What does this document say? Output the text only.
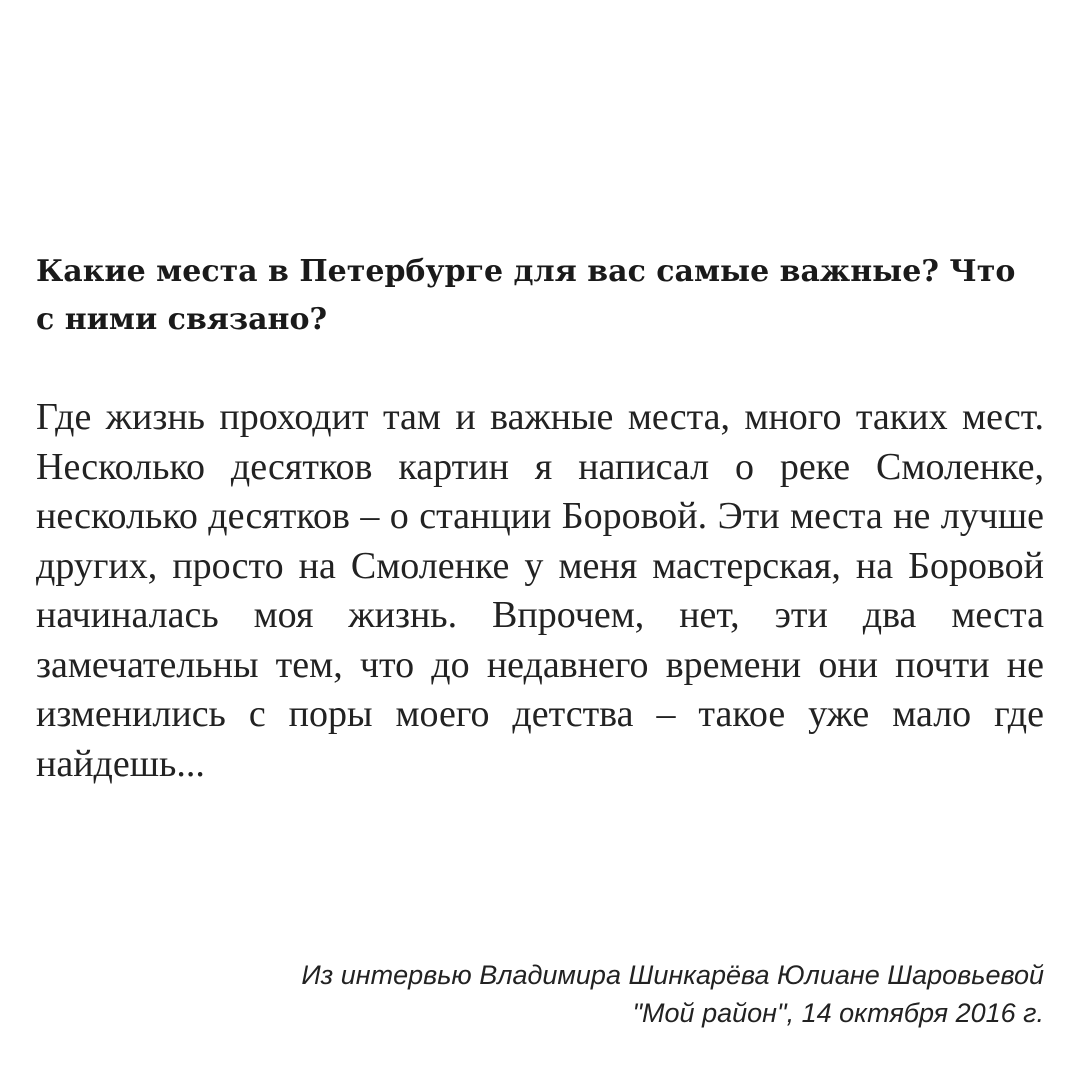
Какие места в Петербурге для вас самые важные? Что с ними связано?

Где жизнь проходит там и важные места, много таких мест. Несколько десятков картин я написал о реке Смоленке, несколько десятков – о станции Боровой. Эти места не лучше других, просто на Смоленке у меня мастерская, на Боровой начиналась моя жизнь. Впрочем, нет, эти два места замечательны тем, что до недавнего времени они почти не изменились с поры моего детства – такое уже мало где найдешь...

Из интервью Владимира Шинкарёва Юлиане Шаровьевой
"Мой район", 14 октября 2016 г.
